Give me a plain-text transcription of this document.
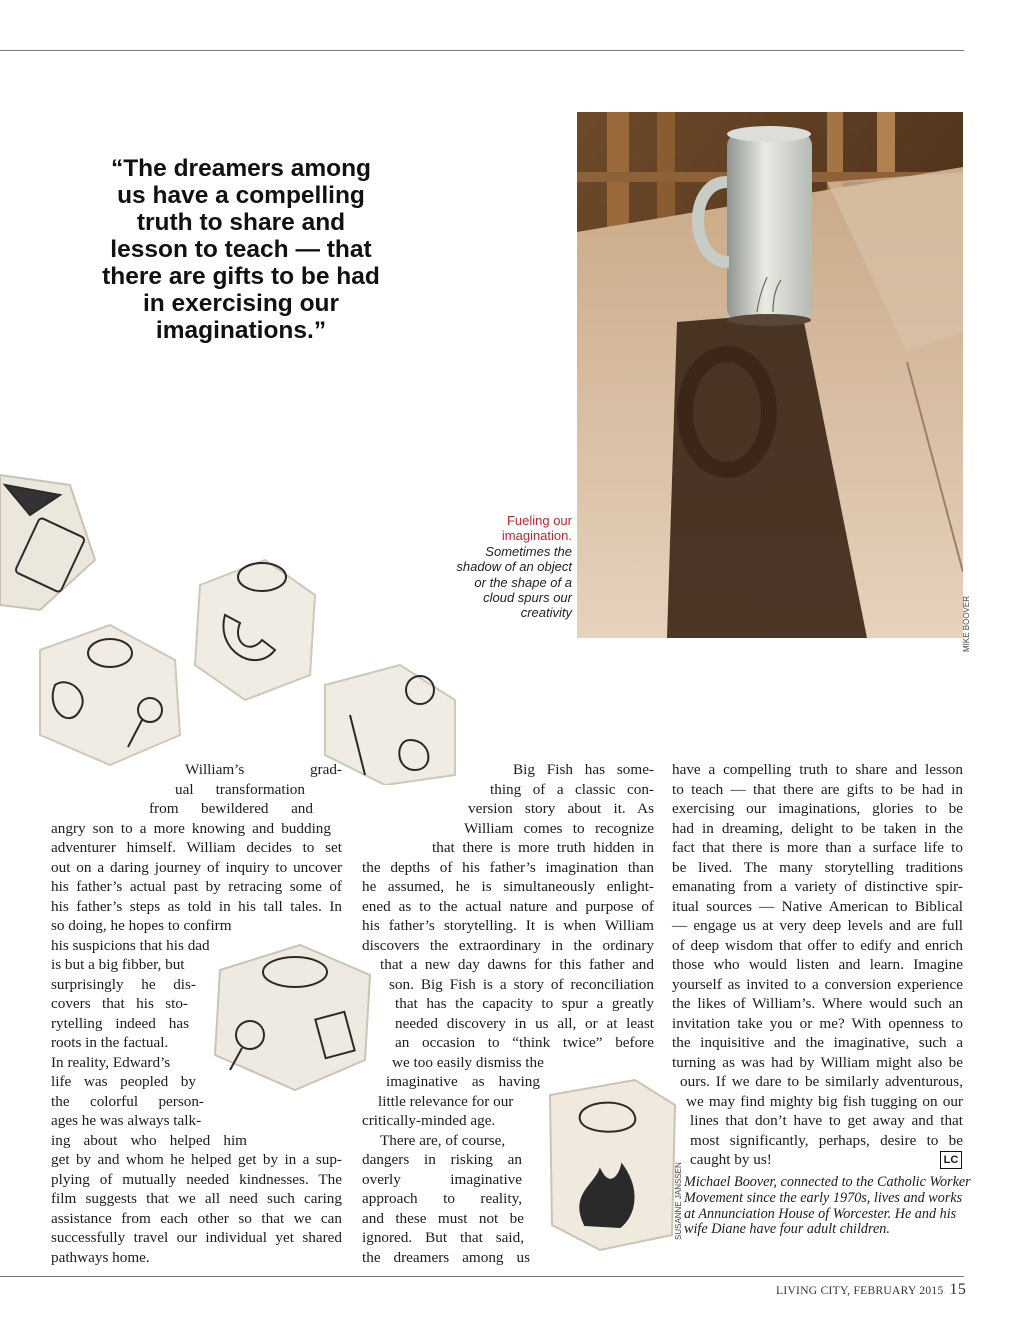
“The dreamers among us have a compelling truth to share and lesson to teach — that there are gifts to be had in exercising our imaginations.”
MIKE BOOVER
Fueling our imagination.
Sometimes the shadow of an object or the shape of a cloud spurs our creativity
SUSANNE JANSSEN
William’s grad-
ual transformation
from bewildered and
angry son to a more knowing and budding
adventurer himself. William decides to set
out on a daring journey of inquiry to uncover
his father’s actual past by retracing some of
his father’s steps as told in his tall tales. In
so doing, he hopes to confirm
his suspicions that his dad
is but a big fibber, but
surprisingly he dis-
covers that his sto-
rytelling indeed has
roots in the factual.
In reality, Edward’s
life was peopled by
the colorful person-
ages he was always talk-
ing about who helped him
get by and whom he helped get by in a sup-
plying of mutually needed kindnesses. The
film suggests that we all need such caring
assistance from each other so that we can
successfully travel our individual yet shared
pathways home.
Big Fish has some-
thing of a classic con-
version story about it. As
William comes to recognize
that there is more truth hidden in
the depths of his father’s imagination than
he assumed, he is simultaneously enlight-
ened as to the actual nature and purpose of
his father’s storytelling. It is when William
discovers the extraordinary in the ordinary
that a new day dawns for this father and
son. Big Fish is a story of reconciliation
that has the capacity to spur a greatly
needed discovery in us all, or at least
an occasion to “think twice” before
we too easily dismiss the
imaginative as having
little relevance for our
critically-minded age.
There are, of course,
dangers in risking an
overly imaginative
approach to reality,
and these must not be
ignored. But that said,
the dreamers among us
have a compelling truth to share and lesson
to teach — that there are gifts to be had in
exercising our imaginations, glories to be
had in dreaming, delight to be taken in the
fact that there is more than a surface life to
be lived. The many storytelling traditions
emanating from a variety of distinctive spir-
itual sources — Native American to Biblical
— engage us at very deep levels and are full
of deep wisdom that offer to edify and enrich
those who would listen and learn. Imagine
yourself as invited to a conversion experience
the likes of William’s. Where would such an
invitation take you or me? With openness to
the inquisitive and the imaginative, such a
turning as was had by William might also be
ours. If we dare to be similarly adventurous,
we may find mighty big fish tugging on our
lines that don’t have to get away and that
most significantly, perhaps, desire to be
caught by us!	LC
Michael Boover, connected to the Catholic Worker Movement since the early 1970s, lives and works at Annunciation House of Worcester. He and his wife Diane have four adult children.
LIVING CITY, FEBRUARY 2015 15
